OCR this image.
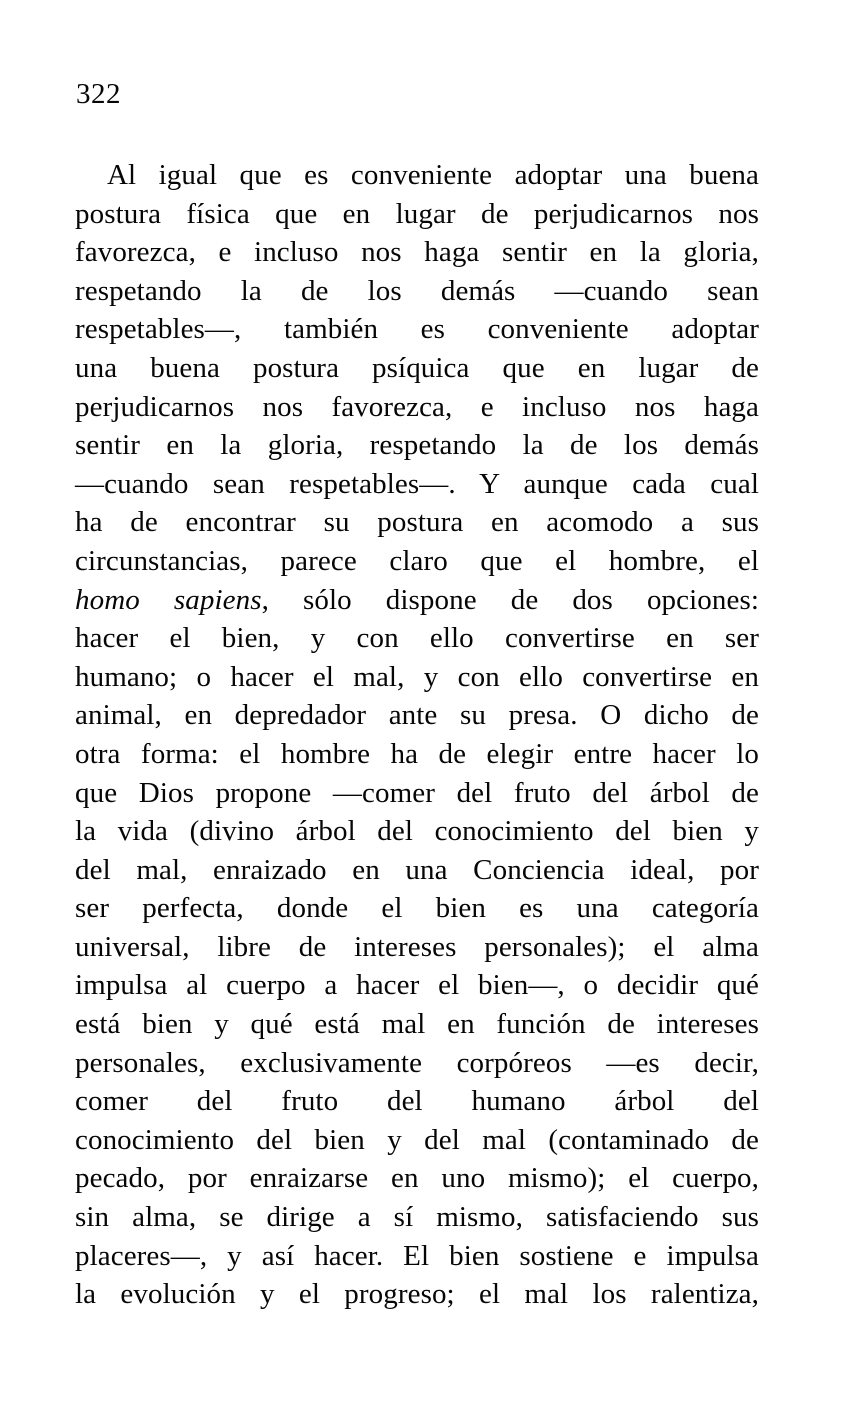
322
Al igual que es conveniente adoptar una buena
postura física que en lugar de perjudicarnos nos
favorezca, e incluso nos haga sentir en la gloria,
respetando la de los demás —cuando sean
respetables—, también es conveniente adoptar
una buena postura psíquica que en lugar de
perjudicarnos nos favorezca, e incluso nos haga
sentir en la gloria, respetando la de los demás
—cuando sean respetables—. Y aunque cada cual
ha de encontrar su postura en acomodo a sus
circunstancias, parece claro que el hombre, el
homo sapiens, sólo dispone de dos opciones:
hacer el bien, y con ello convertirse en ser
humano; o hacer el mal, y con ello convertirse en
animal, en depredador ante su presa. O dicho de
otra forma: el hombre ha de elegir entre hacer lo
que Dios propone —comer del fruto del árbol de
la vida (divino árbol del conocimiento del bien y
del mal, enraizado en una Conciencia ideal, por
ser perfecta, donde el bien es una categoría
universal, libre de intereses personales); el alma
impulsa al cuerpo a hacer el bien—, o decidir qué
está bien y qué está mal en función de intereses
personales, exclusivamente corpóreos —es decir,
comer del fruto del humano árbol del
conocimiento del bien y del mal (contaminado de
pecado, por enraizarse en uno mismo); el cuerpo,
sin alma, se dirige a sí mismo, satisfaciendo sus
placeres—, y así hacer. El bien sostiene e impulsa
la evolución y el progreso; el mal los ralentiza,
